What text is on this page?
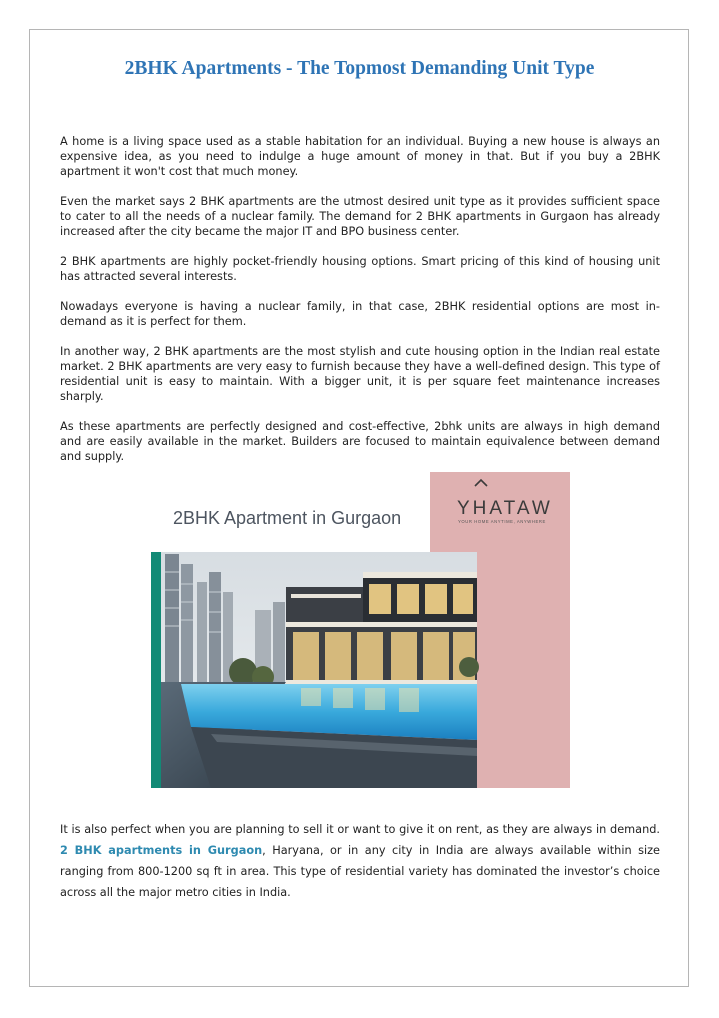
2BHK Apartments - The Topmost Demanding Unit Type

A home is a living space used as a stable habitation for an individual. Buying a new house is always an expensive idea, as you need to indulge a huge amount of money in that. But if you buy a 2BHK apartment it won't cost that much money.

Even the market says 2 BHK apartments are the utmost desired unit type as it provides sufficient space to cater to all the needs of a nuclear family. The demand for 2 BHK apartments in Gurgaon has already increased after the city became the major IT and BPO business center.

2 BHK apartments are highly pocket-friendly housing options. Smart pricing of this kind of housing unit has attracted several interests.

Nowadays everyone is having a nuclear family, in that case, 2BHK residential options are most in-demand as it is perfect for them.

In another way, 2 BHK apartments are the most stylish and cute housing option in the Indian real estate market. 2 BHK apartments are very easy to furnish because they have a well-defined design. This type of residential unit is easy to maintain. With a bigger unit, it is per square feet maintenance increases sharply.

As these apartments are perfectly designed and cost-effective, 2bhk units are always in high demand and are easily available in the market. Builders are focused to maintain equivalence between demand and supply.

2BHK Apartment in Gurgaon	YHATAW
YOUR HOME ANYTIME, ANYWHERE

It is also perfect when you are planning to sell it or want to give it on rent, as they are always in demand. 2 BHK apartments in Gurgaon, Haryana, or in any city in India are always available within size ranging from 800-1200 sq ft in area. This type of residential variety has dominated the investor’s choice across all the major metro cities in India.
